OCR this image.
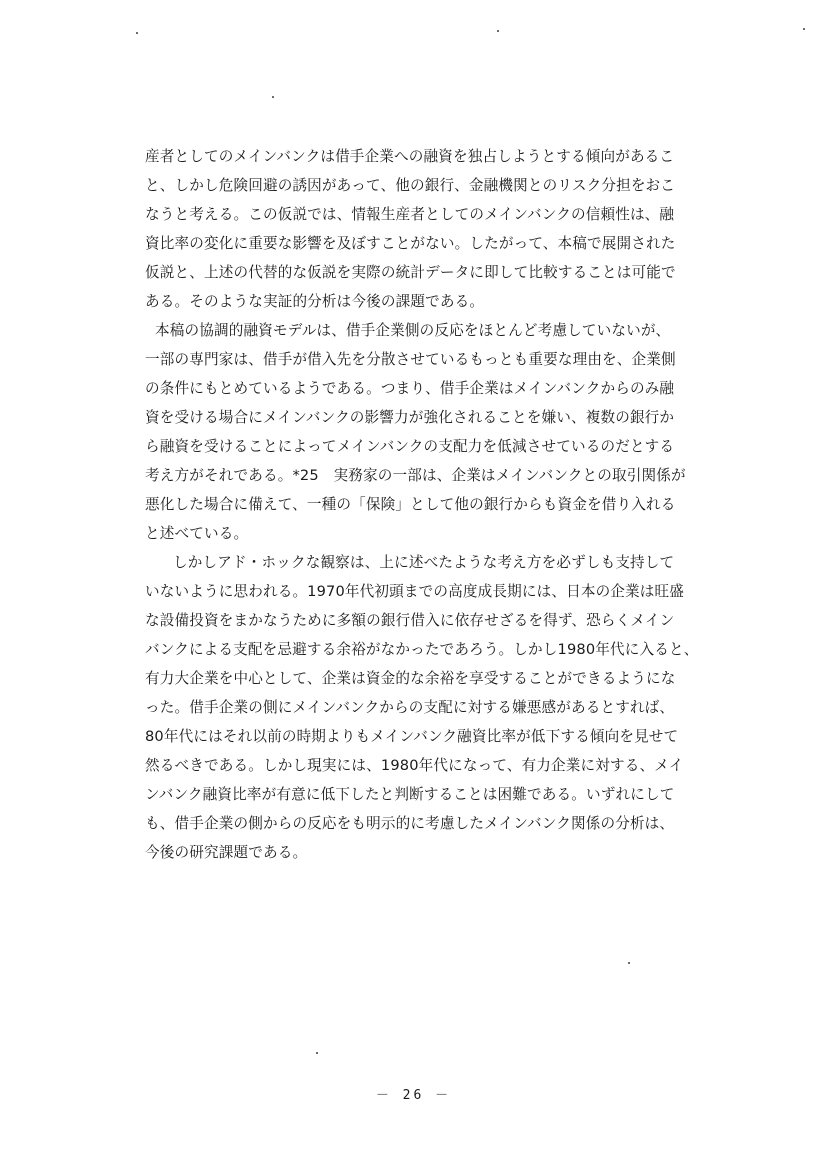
産者としてのメインバンクは借手企業への融資を独占しようとする傾向があるこ
と、しかし危険回避の誘因があって、他の銀行、金融機関とのリスク分担をおこ
なうと考える。この仮説では、情報生産者としてのメインバンクの信頼性は、融
資比率の変化に重要な影響を及ぼすことがない。したがって、本稿で展開された
仮説と、上述の代替的な仮説を実際の統計データに即して比較することは可能で
ある。そのような実証的分析は今後の課題である。
本稿の協調的融資モデルは、借手企業側の反応をほとんど考慮していないが、
一部の専門家は、借手が借入先を分散させているもっとも重要な理由を、企業側
の条件にもとめているようである。つまり、借手企業はメインバンクからのみ融
資を受ける場合にメインバンクの影響力が強化されることを嫌い、複数の銀行か
ら融資を受けることによってメインバンクの支配力を低減させているのだとする
考え方がそれである。*25　実務家の一部は、企業はメインバンクとの取引関係が
悪化した場合に備えて、一種の「保険」として他の銀行からも資金を借り入れる
と述べている。
しかしアド・ホックな観察は、上に述べたような考え方を必ずしも支持して
いないように思われる。1970年代初頭までの高度成長期には、日本の企業は旺盛
な設備投資をまかなうために多額の銀行借入に依存せざるを得ず、恐らくメイン
バンクによる支配を忌避する余裕がなかったであろう。しかし1980年代に入ると、
有力大企業を中心として、企業は資金的な余裕を享受することができるようにな
った。借手企業の側にメインバンクからの支配に対する嫌悪感があるとすれば、
80年代にはそれ以前の時期よりもメインバンク融資比率が低下する傾向を見せて
然るべきである。しかし現実には、1980年代になって、有力企業に対する、メイ
ンバンク融資比率が有意に低下したと判断することは困難である。いずれにして
も、借手企業の側からの反応をも明示的に考慮したメインバンク関係の分析は、
今後の研究課題である。
－ 26 －
